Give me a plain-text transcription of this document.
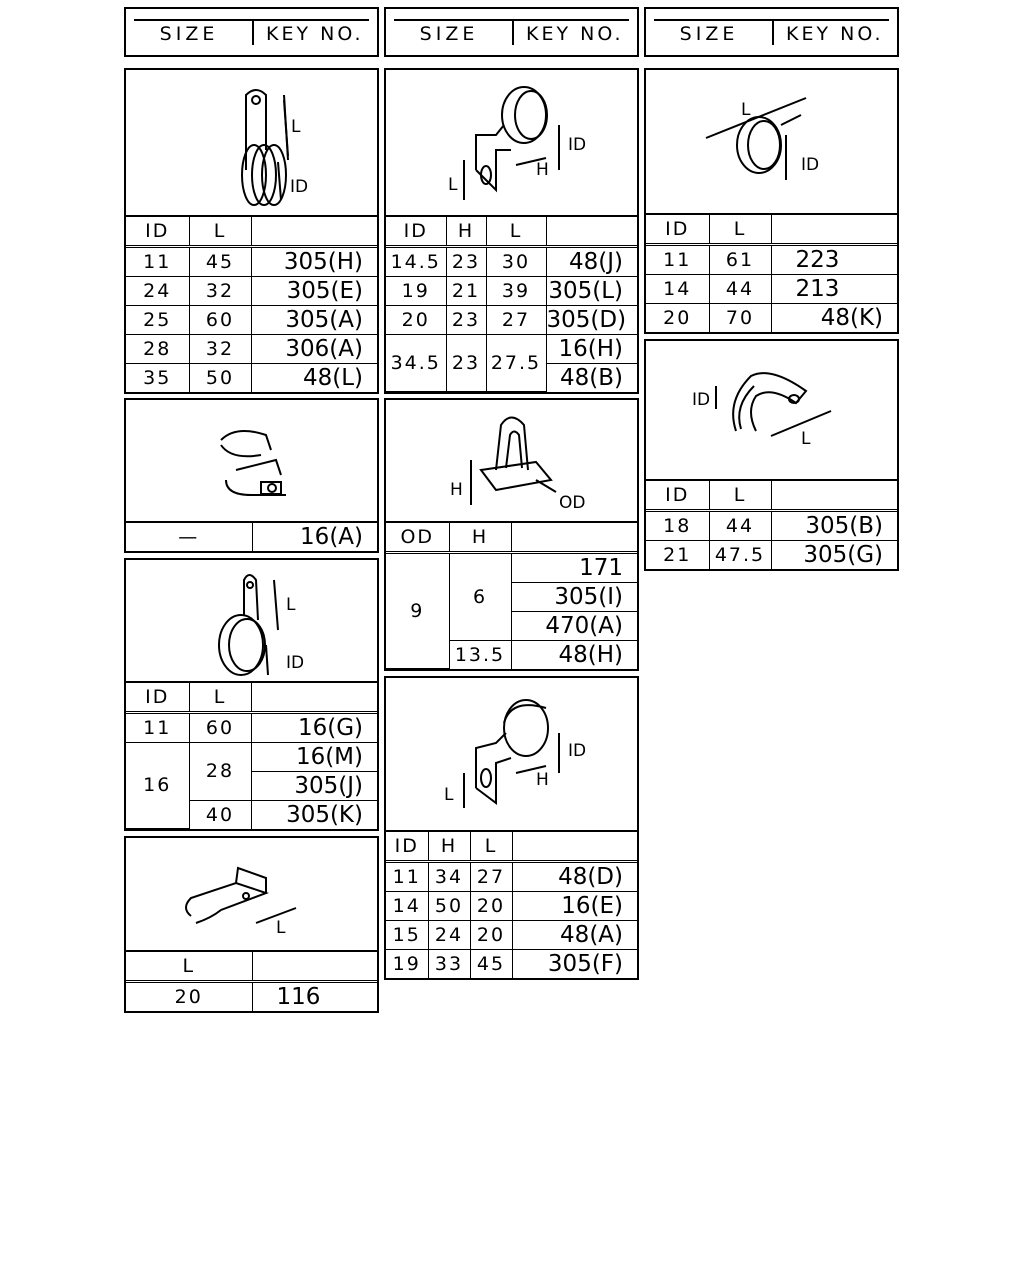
SIZE	KEY NO.	SIZE	KEY NO.	SIZE	KEY NO.
L
ID
ID	L	
11	45	305(H)
24	32	305(E)
25	60	305(A)
28	32	306(A)
35	50	48(L)
ID
H
L
ID	H	L	
14.5	23	30	48(J)
19	21	39	305(L)
20	23	27	305(D)
34.5	23	27.5	16(H)
			48(B)
L
ID
ID	L	
11	61	223
14	44	213
20	70	48(K)
—	16(A)
H
OD
OD	H	
9	6	171
		305(I)
		470(A)
	13.5	48(H)
ID
L
ID	L	
18	44	305(B)
21	47.5	305(G)
L
ID
ID	L	
11	60	16(G)
16	28	16(M)
		305(J)
	40	305(K)
ID
H
L
ID	H	L	
11	34	27	48(D)
14	50	20	16(E)
15	24	20	48(A)
19	33	45	305(F)
L
L	
20	116
